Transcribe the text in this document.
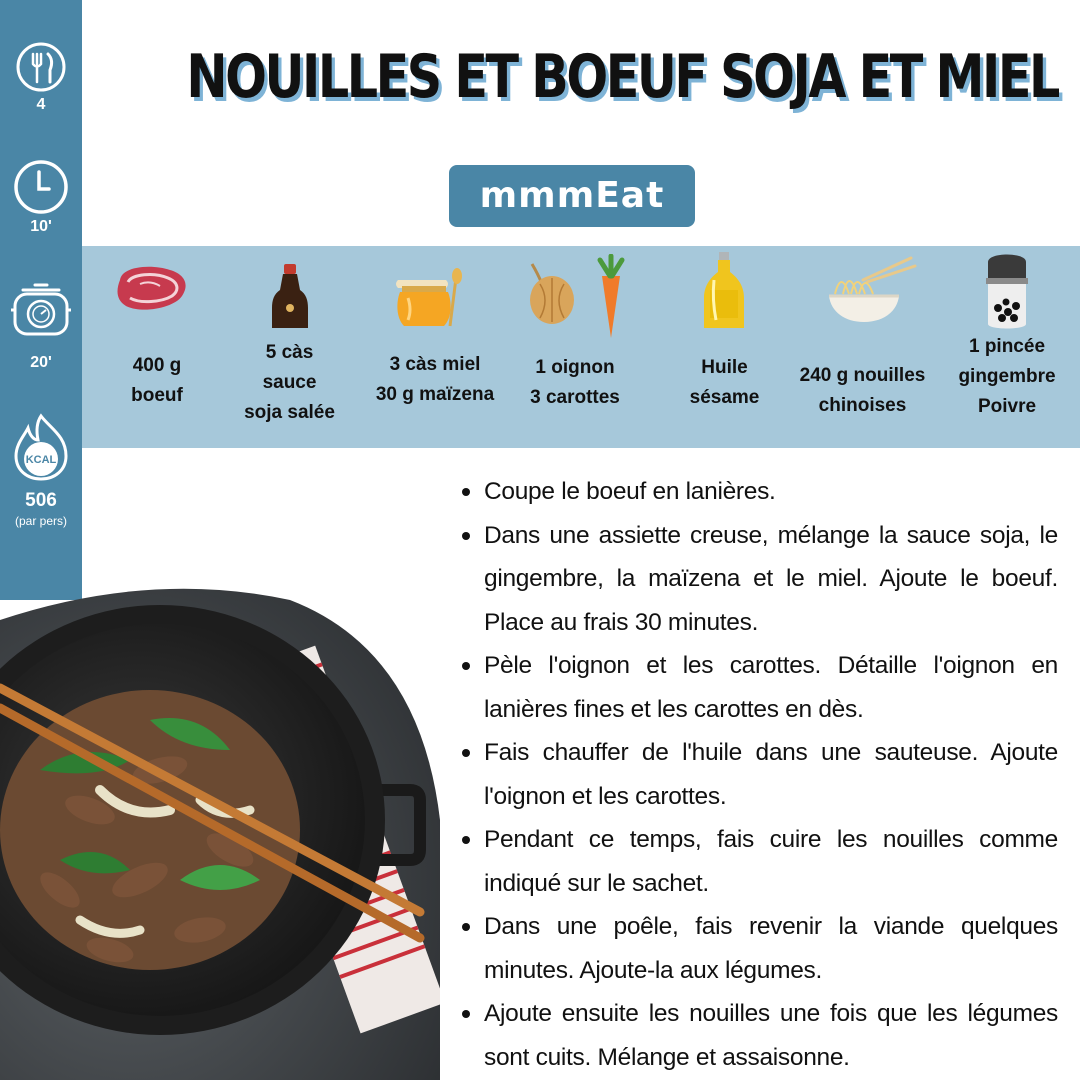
4
10'
20'
KCAL
506
(par pers)
NOUILLES ET BOEUF SOJA ET MIEL
mmmEat
400 g
boeuf
5 càs
sauce
soja salée
3 càs miel
30 g maïzena
1 oignon
3 carottes
Huile
sésame
240 g nouilles
chinoises
1 pincée
gingembre
Poivre
Coupe le boeuf en lanières.
Dans une assiette creuse, mélange la sauce soja, le gingembre, la maïzena et le miel. Ajoute le boeuf. Place au frais 30 minutes.
Pèle l'oignon et les carottes. Détaille l'oignon en lanières fines et les carottes en dès.
Fais chauffer de l'huile dans une sauteuse. Ajoute l'oignon et les carottes.
Pendant ce temps, fais cuire les nouilles comme indiqué sur le sachet.
Dans une poêle, fais revenir la viande quelques minutes. Ajoute-la aux légumes.
Ajoute ensuite les nouilles une fois que les légumes sont cuits. Mélange et assaisonne.
